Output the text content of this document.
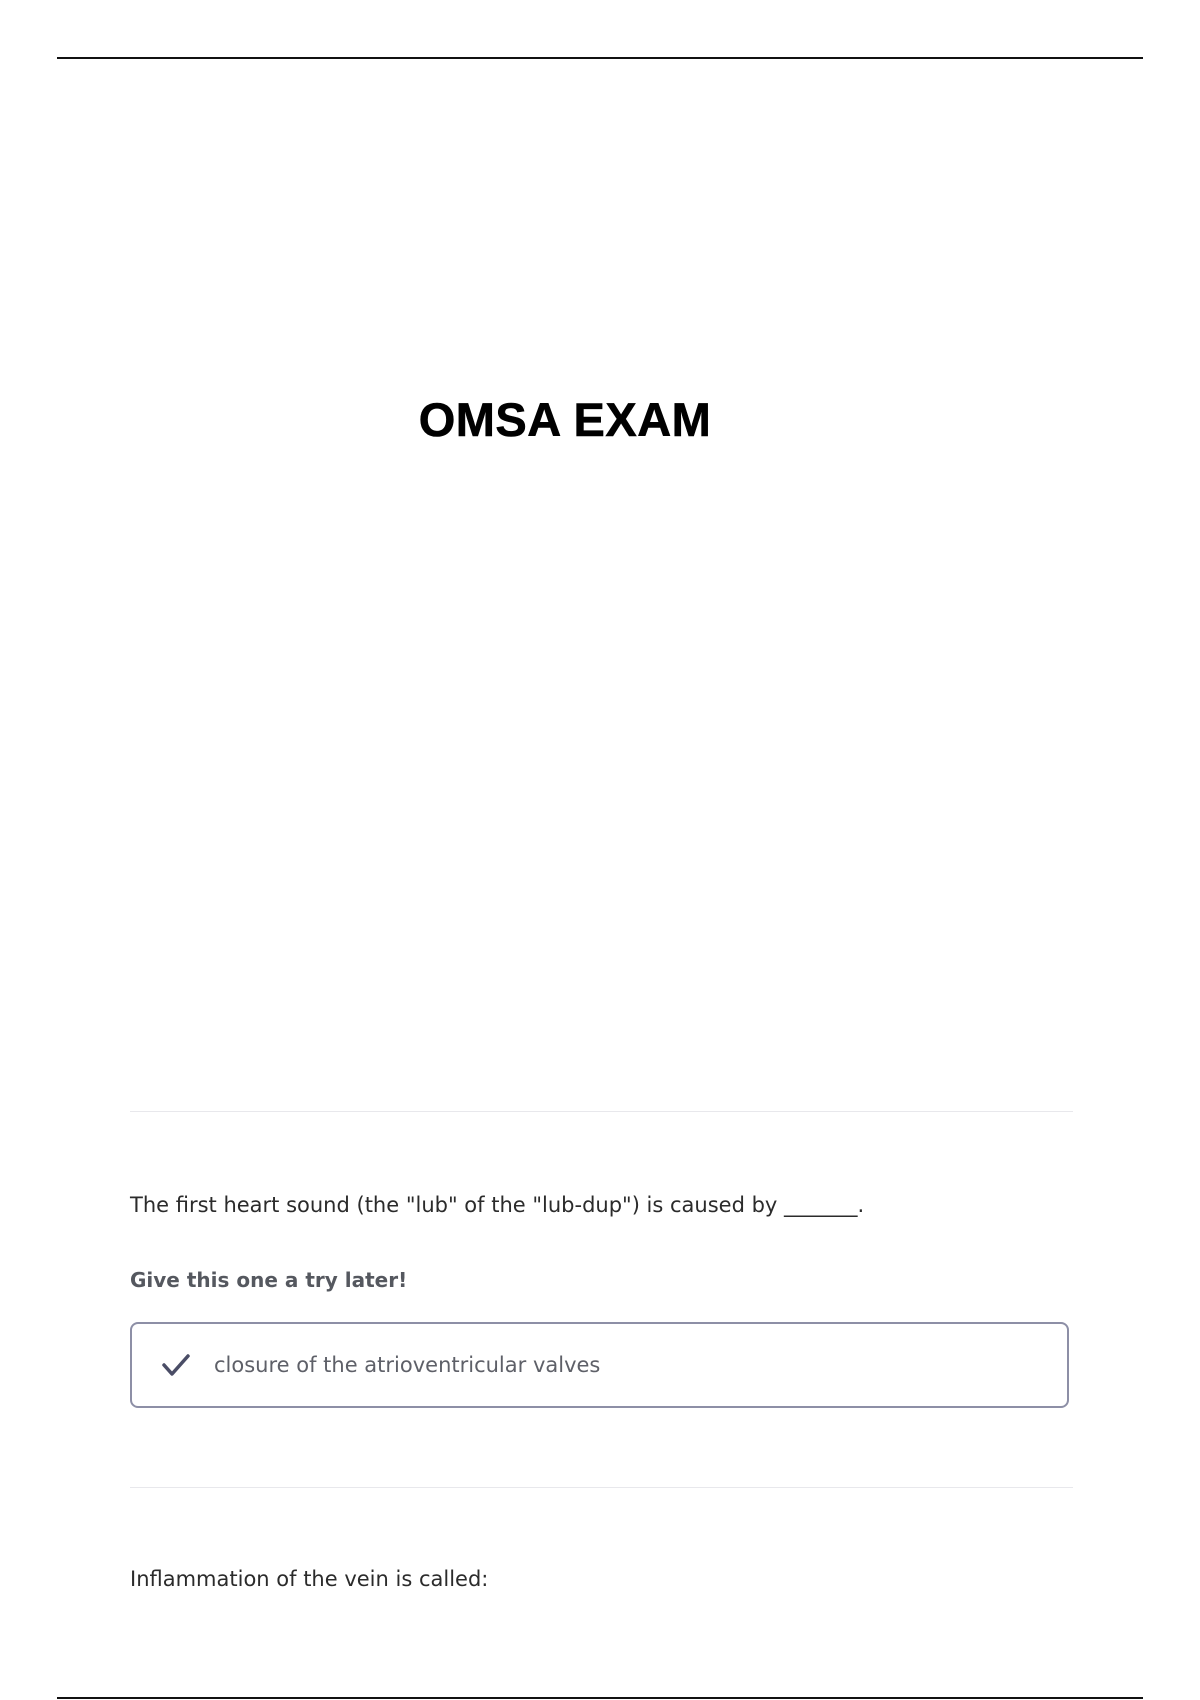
OMSA EXAM
The first heart sound (the "lub" of the "lub-dup") is caused by _______.
Give this one a try later!
closure of the atrioventricular valves
Inflammation of the vein is called:
